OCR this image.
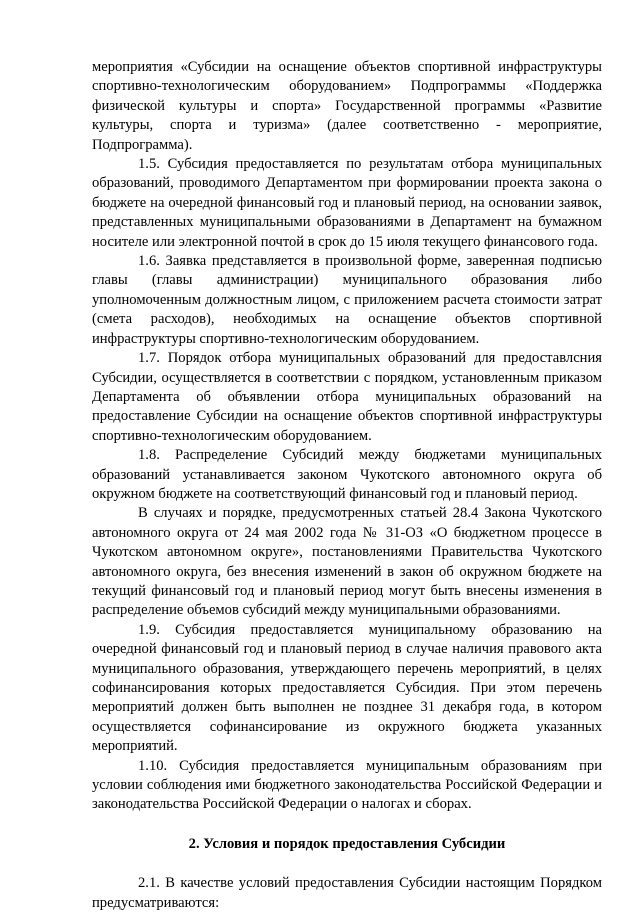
мероприятия «Субсидии на оснащение объектов спортивной инфраструктуры спортивно-технологическим оборудованием» Подпрограммы «Поддержка физической культуры и спорта» Государственной программы «Развитие культуры, спорта и туризма» (далее соответственно - мероприятие, Подпрограмма).

1.5. Субсидия предоставляется по результатам отбора муниципальных образований, проводимого Департаментом при формировании проекта закона о бюджете на очередной финансовый год и плановый период, на основании заявок, представленных муниципальными образованиями в Департамент на бумажном носителе или электронной почтой в срок до 15 июля текущего финансового года.

1.6. Заявка представляется в произвольной форме, заверенная подписью главы (главы администрации) муниципального образования либо уполномоченным должностным лицом, с приложением расчета стоимости затрат (смета расходов), необходимых на оснащение объектов спортивной инфраструктуры спортивно-технологическим оборудованием.

1.7. Порядок отбора муниципальных образований для предоставлсния Субсидии, осуществляется в соответствии с порядком, установленным приказом Департамента об объявлении отбора муниципальных образований на предоставление Субсидии на оснащение объектов спортивной инфраструктуры спортивно-технологическим оборудованием.

1.8. Распределение Субсидий между бюджетами муниципальных образований устанавливается законом Чукотского автономного округа об окружном бюджете на соответствующий финансовый год и плановый период.

В случаях и порядке, предусмотренных статьей 28.4 Закона Чукотского автономного округа от 24 мая 2002 года № 31-ОЗ «О бюджетном процессе в Чукотском автономном округе», постановлениями Правительства Чукотского автономного округа, без внесения изменений в закон об окружном бюджете на текущий финансовый год и плановый период могут быть внесены изменения в распределение объемов субсидий между муниципальными образованиями.

1.9. Субсидия предоставляется муниципальному образованию на очередной финансовый год и плановый период в случае наличия правового акта муниципального образования, утверждающего перечень мероприятий, в целях софинансирования которых предоставляется Субсидия. При этом перечень мероприятий должен быть выполнен не позднее 31 декабря года, в котором осуществляется софинансирование из окружного бюджета указанных мероприятий.

1.10. Субсидия предоставляется муниципальным образованиям при условии соблюдения ими бюджетного законодательства Российской Федерации и законодательства Российской Федерации о налогах и сборах.

2. Условия и порядок предоставления Субсидии

2.1. В качестве условий предоставления Субсидии настоящим Порядком предусматриваются:
